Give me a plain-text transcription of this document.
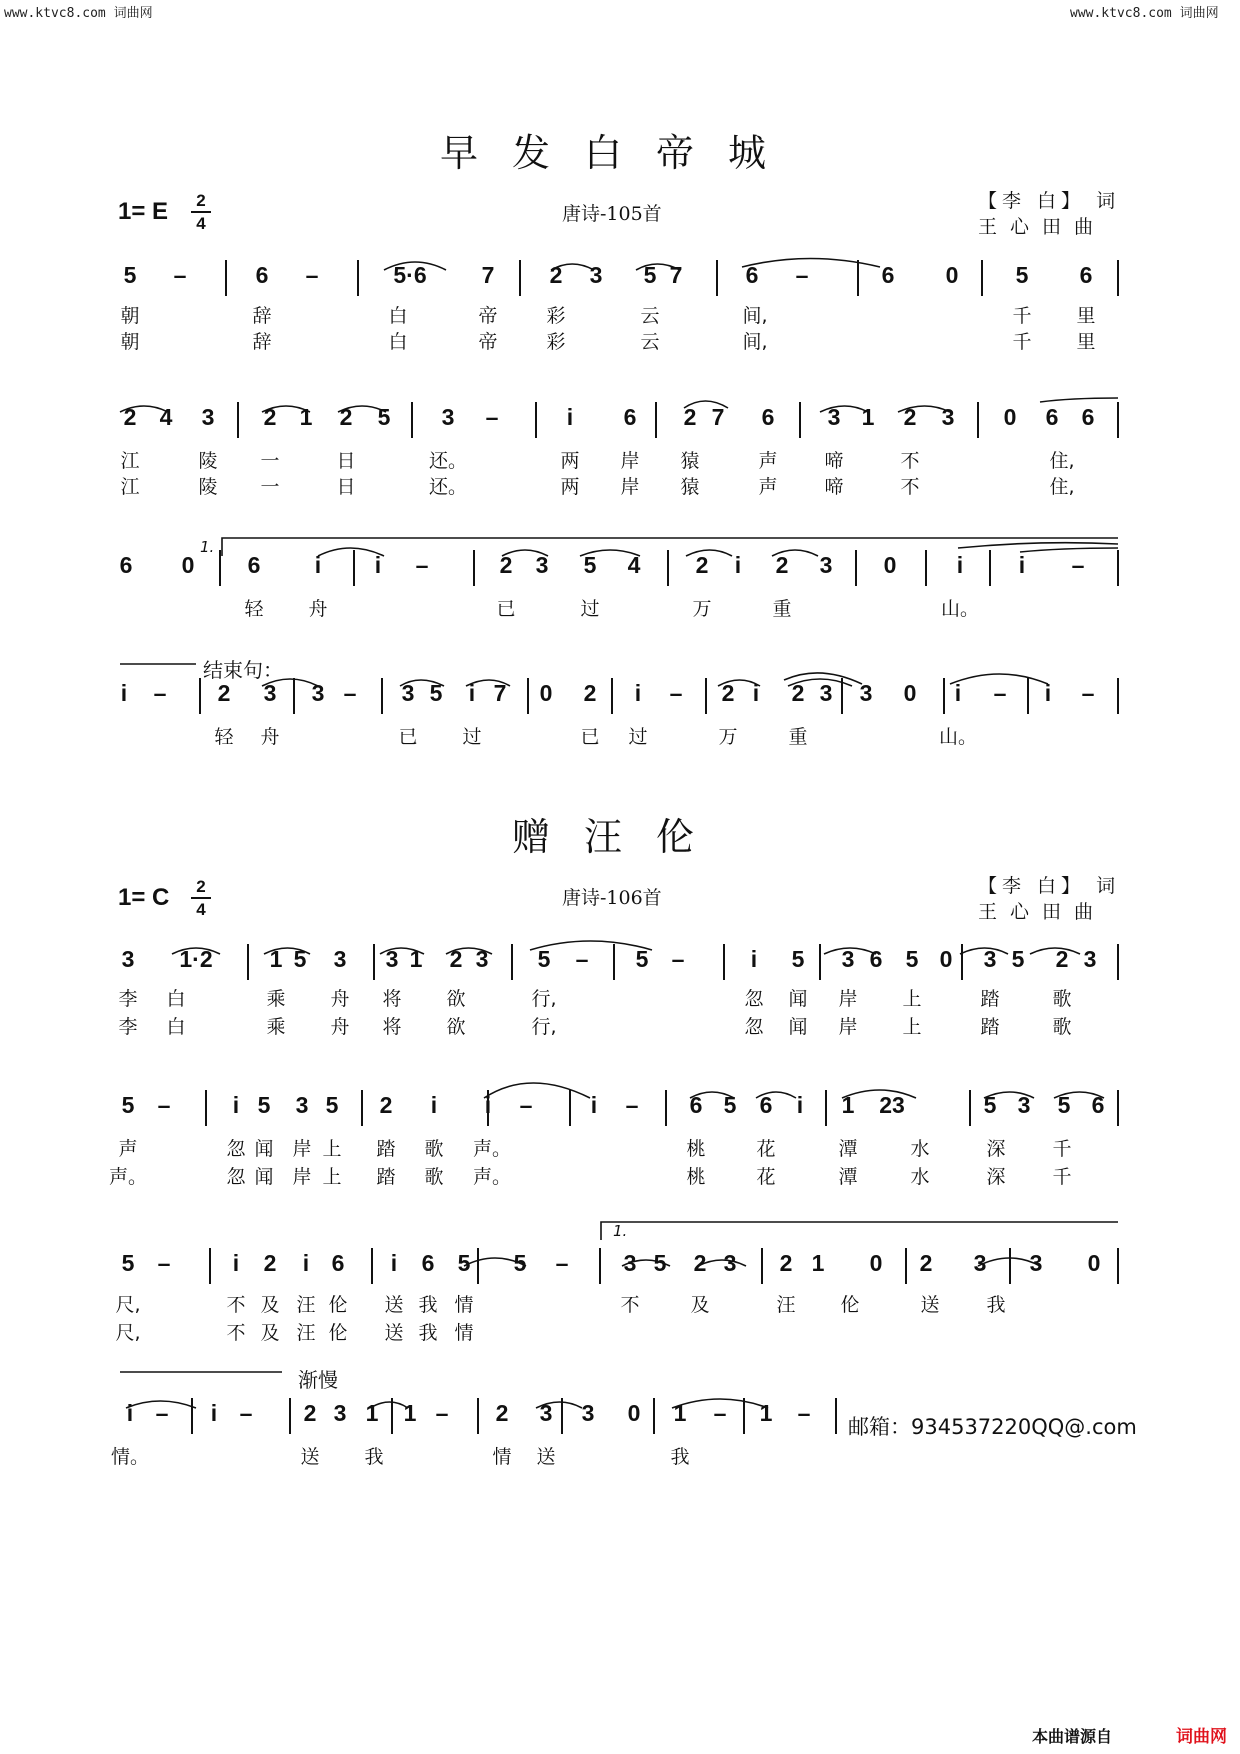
www.ktvc8.com 词曲网	www.ktvc8.com 词曲网
早发白帝城
1= E	2
4	唐诗-105首
【李 白】 词
王心田曲
1.
结束句：
赠汪伦
1= C	2
4
唐诗-106首
【李 白】 词
王心田曲
1.
渐慢
邮箱：934537220QQ@.com
5 –	6 –	5·6 7 2 3 5 7	6 –	6 0 5 6
2 4 3 2 1 2 5 3 –	i 6 2 7 6 3 1 2 3 0 6 6
6 0 6 i i –	2 3 5 4 2 i 2 3 0	i i –
i – 2 3 3 – 3 5 i 7 0 2 i – 2 i 2 3 3 0 i – i –
3 1·2 1 5 3 3 1 2 3 5 – 5 –	i 5 3 6 5 0 3 5 2 3
5 –	i 5 3 5 2 i i –	i – 6 5 6 i 1 23	5 3 5 6
5 –	i 2 i 6 i 6 5 5 – 3 5 2 3 2 1 0 2 3 3 0
i – i – 2 3 1 1 – 2 3 3 0 1 – 1 –
朝	辞	白	帝	彩	云	间,	千 里
朝	辞	白	帝	彩	云	间,	千 里
江	陵 一	日	还。	两 岸 猿	声 啼	不	住,
江	陵 一	日	还。	两 岸 猿	声 啼	不	住,
轻 舟	已	过	万	重	山。
轻 舟	已 过	已 过	万	重	山。
李 白	乘 舟 将 欲	行,	忽 闻 岸 上	踏	歌
李 白	乘 舟 将 欲	行,	忽 闻 岸 上	踏	歌
声	忽 闻 岸 上 踏 歌 声。	桃	花	潭	水	深 千
声。	忽 闻 岸 上 踏 歌 声。	桃	花	潭	水	深 千
尺,	不 及 汪 伦 送 我 情	不	及	汪 伦	送 我
尺,	不 及 汪 伦 送 我 情
情。	送 我	情 送	我
本曲谱源自	词曲网
